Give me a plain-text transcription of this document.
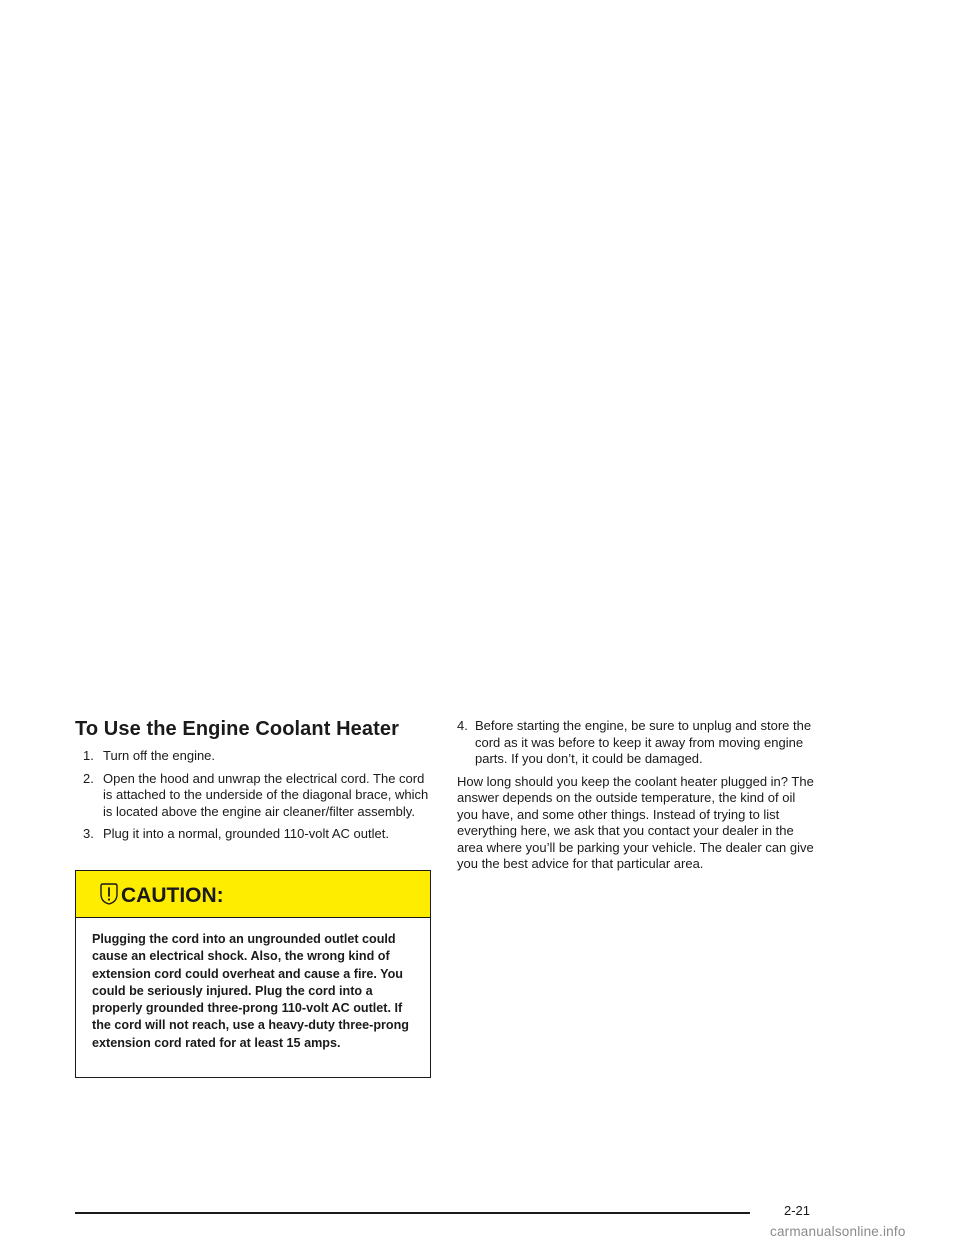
To Use the Engine Coolant Heater
1. Turn off the engine.
2. Open the hood and unwrap the electrical cord. The cord is attached to the underside of the diagonal brace, which is located above the engine air cleaner/filter assembly.
3. Plug it into a normal, grounded 110-volt AC outlet.
CAUTION:
Plugging the cord into an ungrounded outlet could cause an electrical shock. Also, the wrong kind of extension cord could overheat and cause a fire. You could be seriously injured. Plug the cord into a properly grounded three-prong 110-volt AC outlet. If the cord will not reach, use a heavy-duty three-prong extension cord rated for at least 15 amps.
4. Before starting the engine, be sure to unplug and store the cord as it was before to keep it away from moving engine parts. If you don’t, it could be damaged.

How long should you keep the coolant heater plugged in? The answer depends on the outside temperature, the kind of oil you have, and some other things. Instead of trying to list everything here, we ask that you contact your dealer in the area where you’ll be parking your vehicle. The dealer can give you the best advice for that particular area.

2-21
carmanualsonline.info
